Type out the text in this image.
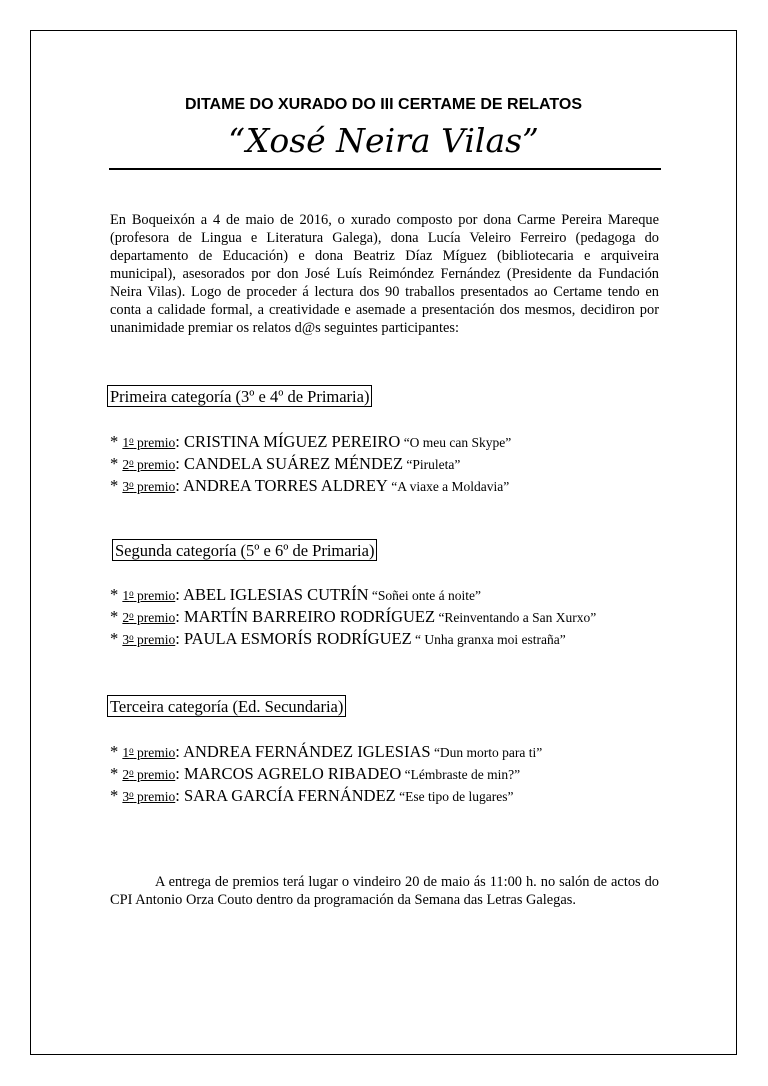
DITAME DO XURADO DO III CERTAME DE RELATOS
“Xosé Neira Vilas”
En Boqueixón a 4 de maio de 2016, o xurado composto por dona Carme Pereira Mareque (profesora de Lingua e Literatura Galega), dona Lucía Veleiro Ferreiro (pedagoga do departamento de Educación) e dona Beatriz Díaz Míguez (bibliotecaria e arquiveira municipal), asesorados por don José Luís Reimóndez Fernández (Presidente da Fundación Neira Vilas). Logo de proceder á lectura dos 90 traballos presentados ao Certame tendo en conta a calidade formal, a creatividade e asemade a presentación dos mesmos, decidiron por unanimidade premiar os relatos d@s seguintes participantes:
Primeira categoría (3º e 4º de Primaria)
* 1$^o$ premio: CRISTINA MÍGUEZ PEREIRO “O meu can Skype”
* 2$^o$ premio: CANDELA SUÁREZ MÉNDEZ “Piruleta”
* 3$^o$ premio: ANDREA TORRES ALDREY “A viaxe a Moldavia”
Segunda categoría (5º e 6º de Primaria)
* 1$^o$ premio: ABEL IGLESIAS CUTRÍN “Soñei onte á noite”
* 2$^o$ premio: MARTÍN BARREIRO RODRÍGUEZ “Reinventando a San Xurxo”
* 3$^o$ premio: PAULA ESMORÍS RODRÍGUEZ “ Unha granxa moi estraña”
Terceira categoría (Ed. Secundaria)
* 1$^o$ premio: ANDREA FERNÁNDEZ IGLESIAS “Dun morto para ti”
* 2$^o$ premio: MARCOS AGRELO RIBADEO “Lémbraste de min?”
* 3$^o$ premio: SARA GARCÍA FERNÁNDEZ “Ese tipo de lugares”
A entrega de premios terá lugar o vindeiro 20 de maio ás 11:00 h. no salón de actos do CPI Antonio Orza Couto dentro da programación da Semana das Letras Galegas.
